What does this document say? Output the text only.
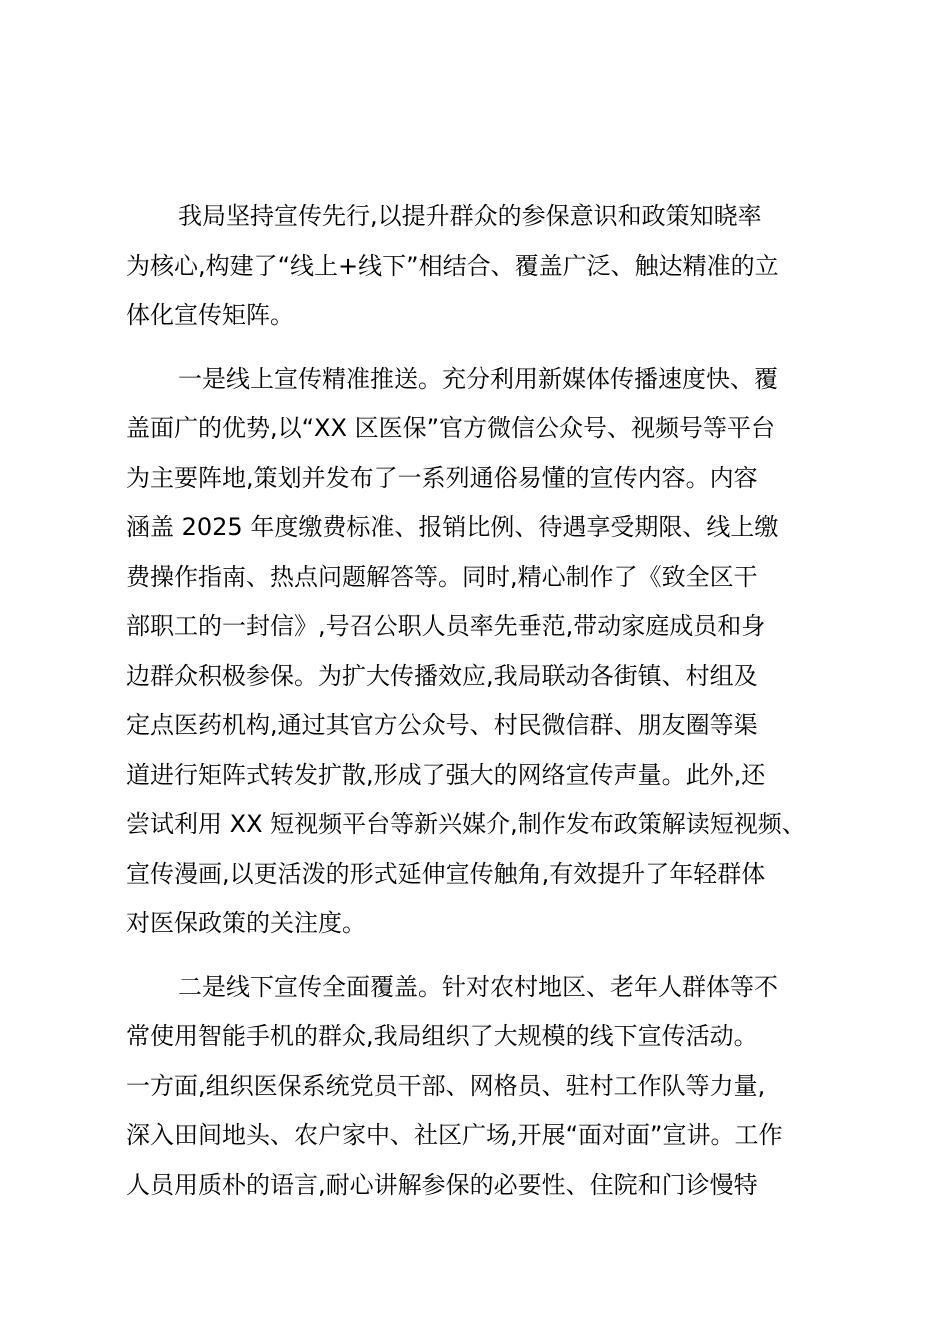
我局坚持宣传先行,以提升群众的参保意识和政策知晓率
为核心,构建了“线上+线下”相结合、覆盖广泛、触达精准的立
体化宣传矩阵。

一是线上宣传精准推送。充分利用新媒体传播速度快、覆
盖面广的优势,以“XX 区医保”官方微信公众号、视频号等平台
为主要阵地,策划并发布了一系列通俗易懂的宣传内容。内容
涵盖 2025 年度缴费标准、报销比例、待遇享受期限、线上缴
费操作指南、热点问题解答等。同时,精心制作了《致全区干
部职工的一封信》,号召公职人员率先垂范,带动家庭成员和身
边群众积极参保。为扩大传播效应,我局联动各街镇、村组及
定点医药机构,通过其官方公众号、村民微信群、朋友圈等渠
道进行矩阵式转发扩散,形成了强大的网络宣传声量。此外,还
尝试利用 XX 短视频平台等新兴媒介,制作发布政策解读短视频、
宣传漫画,以更活泼的形式延伸宣传触角,有效提升了年轻群体
对医保政策的关注度。

二是线下宣传全面覆盖。针对农村地区、老年人群体等不
常使用智能手机的群众,我局组织了大规模的线下宣传活动。
一方面,组织医保系统党员干部、网格员、驻村工作队等力量,
深入田间地头、农户家中、社区广场,开展“面对面”宣讲。工作
人员用质朴的语言,耐心讲解参保的必要性、住院和门诊慢特
